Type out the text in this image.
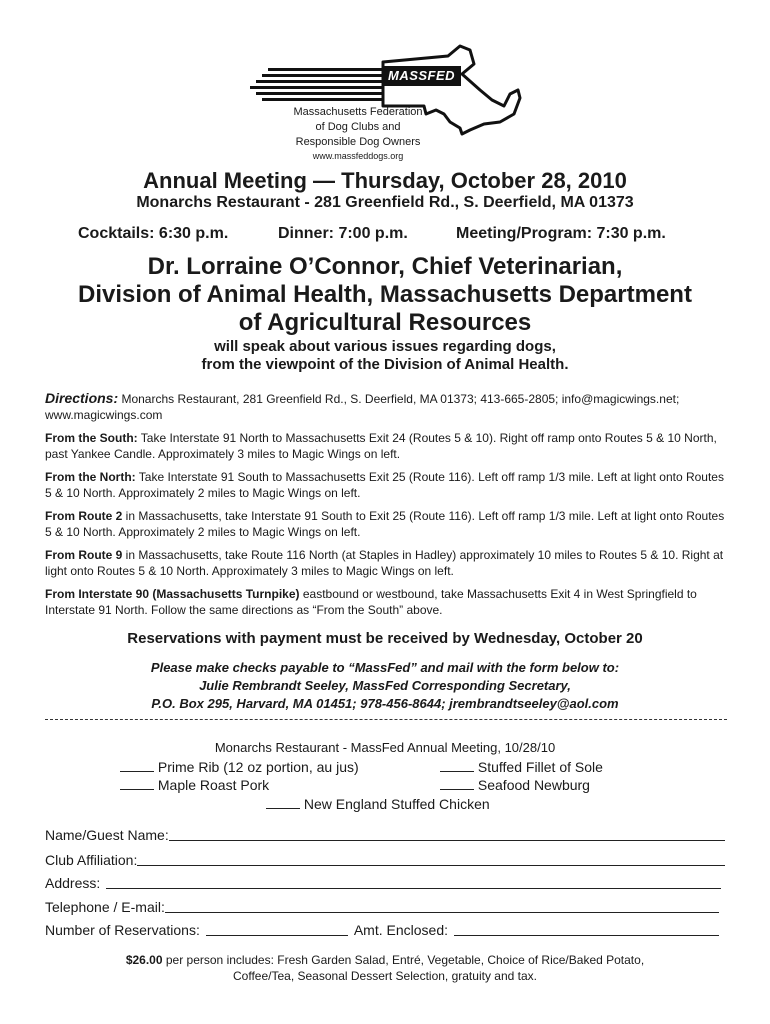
MASSFED
Massachusetts Federation
of Dog Clubs and
Responsible Dog Owners
www.massfeddogs.org
Annual Meeting — Thursday, October 28, 2010
Monarchs Restaurant - 281 Greenfield Rd., S. Deerfield, MA 01373
Cocktails: 6:30 p.m.	Dinner: 7:00 p.m.	Meeting/Program: 7:30 p.m.
Dr. Lorraine O’Connor, Chief Veterinarian,
Division of Animal Health, Massachusetts Department
of Agricultural Resources
will speak about various issues regarding dogs,
from the viewpoint of the Division of Animal Health.

Directions: Monarchs Restaurant, 281 Greenfield Rd., S. Deerfield, MA 01373; 413-665-2805; info@magicwings.net; www.magicwings.com

From the South: Take Interstate 91 North to Massachusetts Exit 24 (Routes 5 & 10). Right off ramp onto Routes 5 & 10 North, past Yankee Candle. Approximately 3 miles to Magic Wings on left.

From the North: Take Interstate 91 South to Massachusetts Exit 25 (Route 116). Left off ramp 1/3 mile. Left at light onto Routes 5 & 10 North. Approximately 2 miles to Magic Wings on left.

From Route 2 in Massachusetts, take Interstate 91 South to Exit 25 (Route 116). Left off ramp 1/3 mile. Left at light onto Routes 5 & 10 North. Approximately 2 miles to Magic Wings on left.

From Route 9 in Massachusetts, take Route 116 North (at Staples in Hadley) approximately 10 miles to Routes 5 & 10. Right at light onto Routes 5 & 10 North. Approximately 3 miles to Magic Wings on left.

From Interstate 90 (Massachusetts Turnpike) eastbound or westbound, take Massachusetts Exit 4 in West Springfield to Interstate 91 North. Follow the same directions as “From the South” above.

Reservations with payment must be received by Wednesday, October 20
Please make checks payable to “MassFed” and mail with the form below to:
Julie Rembrandt Seeley, MassFed Corresponding Secretary,
P.O. Box 295, Harvard, MA 01451; 978-456-8644; jrembrandtseeley@aol.com
Monarchs Restaurant - MassFed Annual Meeting, 10/28/10
Prime Rib (12 oz portion, au jus)	Stuffed Fillet of Sole
Maple Roast Pork	Seafood Newburg
New England Stuffed Chicken
Name/Guest Name:
Club Affiliation:
Address:
Telephone / E-mail:
Number of Reservations:	Amt. Enclosed:
$26.00 per person includes: Fresh Garden Salad, Entré, Vegetable, Choice of Rice/Baked Potato,
Coffee/Tea, Seasonal Dessert Selection, gratuity and tax.
